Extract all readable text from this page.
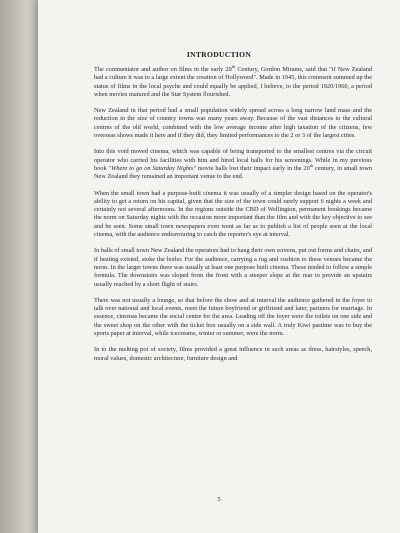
INTRODUCTION

The commentator and author on films in the early 20th Century, Gordon Mirams, said that "if New Zealand had a culture it was to a large extent the creation of Hollywood". Made in 1945, this comment summed up the status of films in the local psyche and could equally be applied, I believe, to the period 1920/1960, a period when movies matured and the Star System flourished.

New Zealand in that period had a small population widely spread across a long narrow land mass and the reduction in the size of country towns was many years away. Because of the vast distances to the cultural centres of the old world, combined with the low average income after high taxation of the citizens, few overseas shows made it here and if they did, they limited performances to the 2 or 3 of the largest cities.

Into this void moved cinema, which was capable of being transported to the smallest centres via the circuit operator who carried his facilities with him and hired local halls for his screenings. While in my previous book "Where to go on Saturday Nights" movie halls lost their impact early in the 20th century, in small town New Zealand they remained an important venue to the end.

When the small town had a purpose-built cinema it was usually of a simpler design based on the operator's ability to get a return on his capital, given that the size of the town could rarely support 6 nights a week and certainly not several afternoons. In the regions outside the CBD of Wellington, permanent bookings became the norm on Saturday nights with the occasion more important than the film and with the key objective to see and be seen. Some small town newspapers even went as far as to publish a list of people seen at the local cinema, with the audience endeavouring to catch the reporter's eye at interval.

In halls of small town New Zealand the operators had to hang their own screens, put out forms and chairs, and if heating existed, stoke the boiler. For the audience, carrying a rug and cushion to these venues became the norm. In the larger towns there was usually at least one purpose built cinema. These tended to follow a simple formula. The downstairs was sloped from the front with a steeper slope at the rear to provide an upstairs usually reached by a short flight of stairs.

There was not usually a lounge, so that before the show and at interval the audience gathered in the foyer to talk over national and local events, meet the future boyfriend or girlfriend and later, partners for marriage. In essence, cinemas became the social centre for the area. Leading off the foyer were the toilets on one side and the sweet shop on the other with the ticket box usually on a side wall. A truly Kiwi pastime was to buy the sports paper at interval, while icecreams, winter or summer, were the norm.

In to the melting pot of society, films provided a great influence in such areas as dress, hairstyles, speech, moral values, domestic architecture, furniture design and

5
